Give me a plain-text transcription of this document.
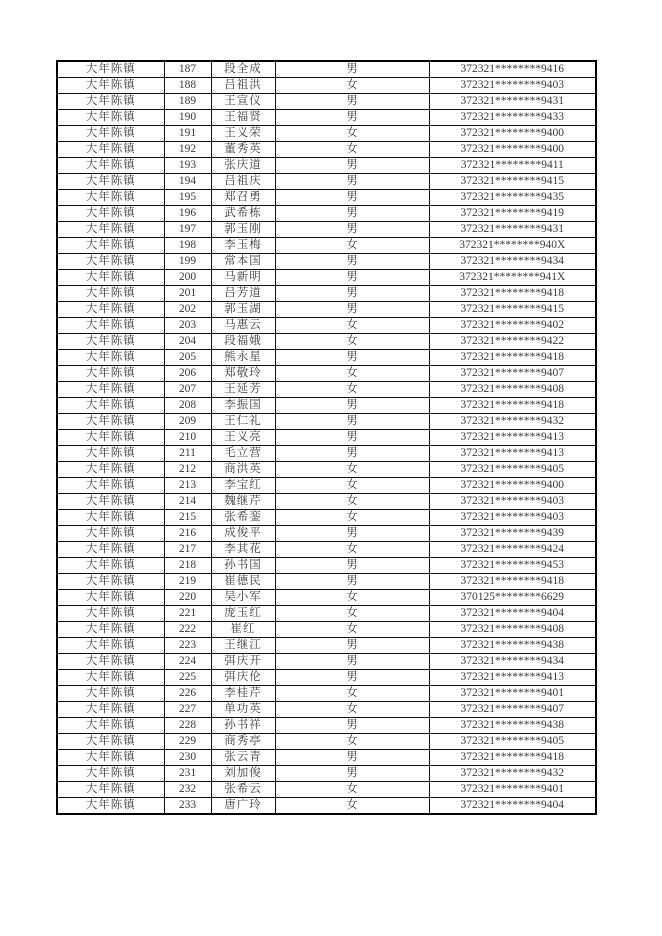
大年陈镇	187	段全成	男	372321********9416
大年陈镇	188	吕祖洪	女	372321********9403
大年陈镇	189	王宣仪	男	372321********9431
大年陈镇	190	王福贤	男	372321********9433
大年陈镇	191	王义荣	女	372321********9400
大年陈镇	192	董秀英	女	372321********9400
大年陈镇	193	张庆道	男	372321********9411
大年陈镇	194	吕祖庆	男	372321********9415
大年陈镇	195	郑召勇	男	372321********9435
大年陈镇	196	武希栋	男	372321********9419
大年陈镇	197	郭玉刚	男	372321********9431
大年陈镇	198	李玉梅	女	372321********940X
大年陈镇	199	常本国	男	372321********9434
大年陈镇	200	马新明	男	372321********941X
大年陈镇	201	吕芳道	男	372321********9418
大年陈镇	202	郭玉湖	男	372321********9415
大年陈镇	203	马惠云	女	372321********9402
大年陈镇	204	段福娥	女	372321********9422
大年陈镇	205	熊永星	男	372321********9418
大年陈镇	206	郑敬玲	女	372321********9407
大年陈镇	207	王延芳	女	372321********9408
大年陈镇	208	李振国	男	372321********9418
大年陈镇	209	王仁礼	男	372321********9432
大年陈镇	210	王义亮	男	372321********9413
大年陈镇	211	毛立营	男	372321********9413
大年陈镇	212	商洪英	女	372321********9405
大年陈镇	213	李宝红	女	372321********9400
大年陈镇	214	魏继芹	女	372321********9403
大年陈镇	215	张希銮	女	372321********9403
大年陈镇	216	成俊平	男	372321********9439
大年陈镇	217	李其花	女	372321********9424
大年陈镇	218	孙书国	男	372321********9453
大年陈镇	219	崔德民	男	372321********9418
大年陈镇	220	吴小军	女	370125********6629
大年陈镇	221	庞玉红	女	372321********9404
大年陈镇	222	崔红	女	372321********9408
大年陈镇	223	王继江	男	372321********9438
大年陈镇	224	弭庆开	男	372321********9434
大年陈镇	225	弭庆伦	男	372321********9413
大年陈镇	226	李桂芹	女	372321********9401
大年陈镇	227	单功英	女	372321********9407
大年陈镇	228	孙书祥	男	372321********9438
大年陈镇	229	商秀亭	女	372321********9405
大年陈镇	230	张云青	男	372321********9418
大年陈镇	231	刘加俊	男	372321********9432
大年陈镇	232	张希云	女	372321********9401
大年陈镇	233	唐广玲	女	372321********9404
